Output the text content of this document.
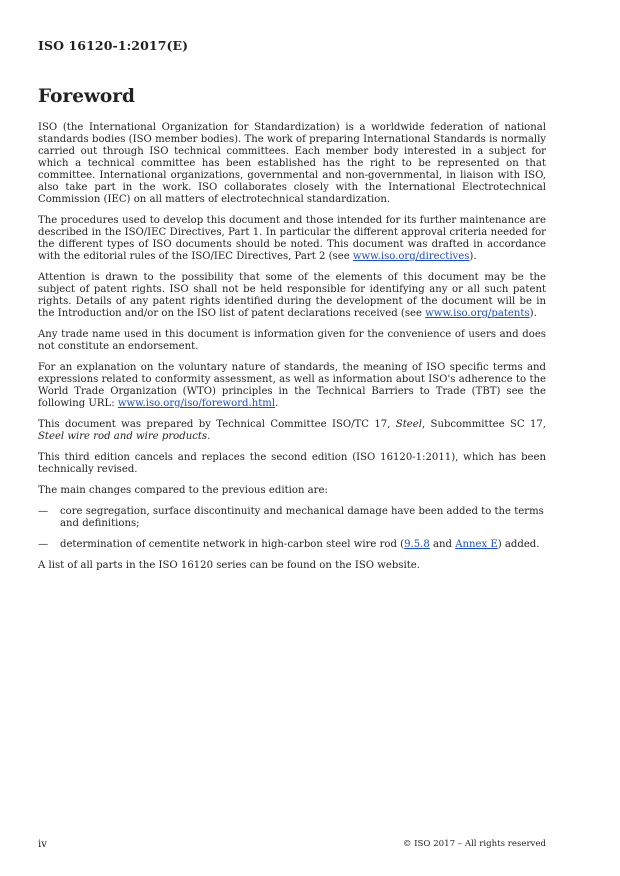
ISO 16120-1:2017(E)
Foreword

ISO (the International Organization for Standardization) is a worldwide federation of national standards bodies (ISO member bodies). The work of preparing International Standards is normally carried out through ISO technical committees. Each member body interested in a subject for which a technical committee has been established has the right to be represented on that committee. International organizations, governmental and non-governmental, in liaison with ISO, also take part in the work. ISO collaborates closely with the International Electrotechnical Commission (IEC) on all matters of electrotechnical standardization.

The procedures used to develop this document and those intended for its further maintenance are described in the ISO/IEC Directives, Part 1. In particular the different approval criteria needed for the different types of ISO documents should be noted. This document was drafted in accordance with the editorial rules of the ISO/IEC Directives, Part 2 (see www.iso.org/directives).

Attention is drawn to the possibility that some of the elements of this document may be the subject of patent rights. ISO shall not be held responsible for identifying any or all such patent rights. Details of any patent rights identified during the development of the document will be in the Introduction and/or on the ISO list of patent declarations received (see www.iso.org/patents).

Any trade name used in this document is information given for the convenience of users and does not constitute an endorsement.

For an explanation on the voluntary nature of standards, the meaning of ISO specific terms and expressions related to conformity assessment, as well as information about ISO's adherence to the World Trade Organization (WTO) principles in the Technical Barriers to Trade (TBT) see the following URL: www.iso.org/iso/foreword.html.

This document was prepared by Technical Committee ISO/TC 17, Steel, Subcommittee SC 17, Steel wire rod and wire products.

This third edition cancels and replaces the second edition (ISO 16120-1:2011), which has been technically revised.

The main changes compared to the previous edition are:

—	core segregation, surface discontinuity and mechanical damage have been added to the terms and definitions;
—	determination of cementite network in high-carbon steel wire rod (9.5.8 and Annex E) added.

A list of all parts in the ISO 16120 series can be found on the ISO website.

iv	© ISO 2017 – All rights reserved
